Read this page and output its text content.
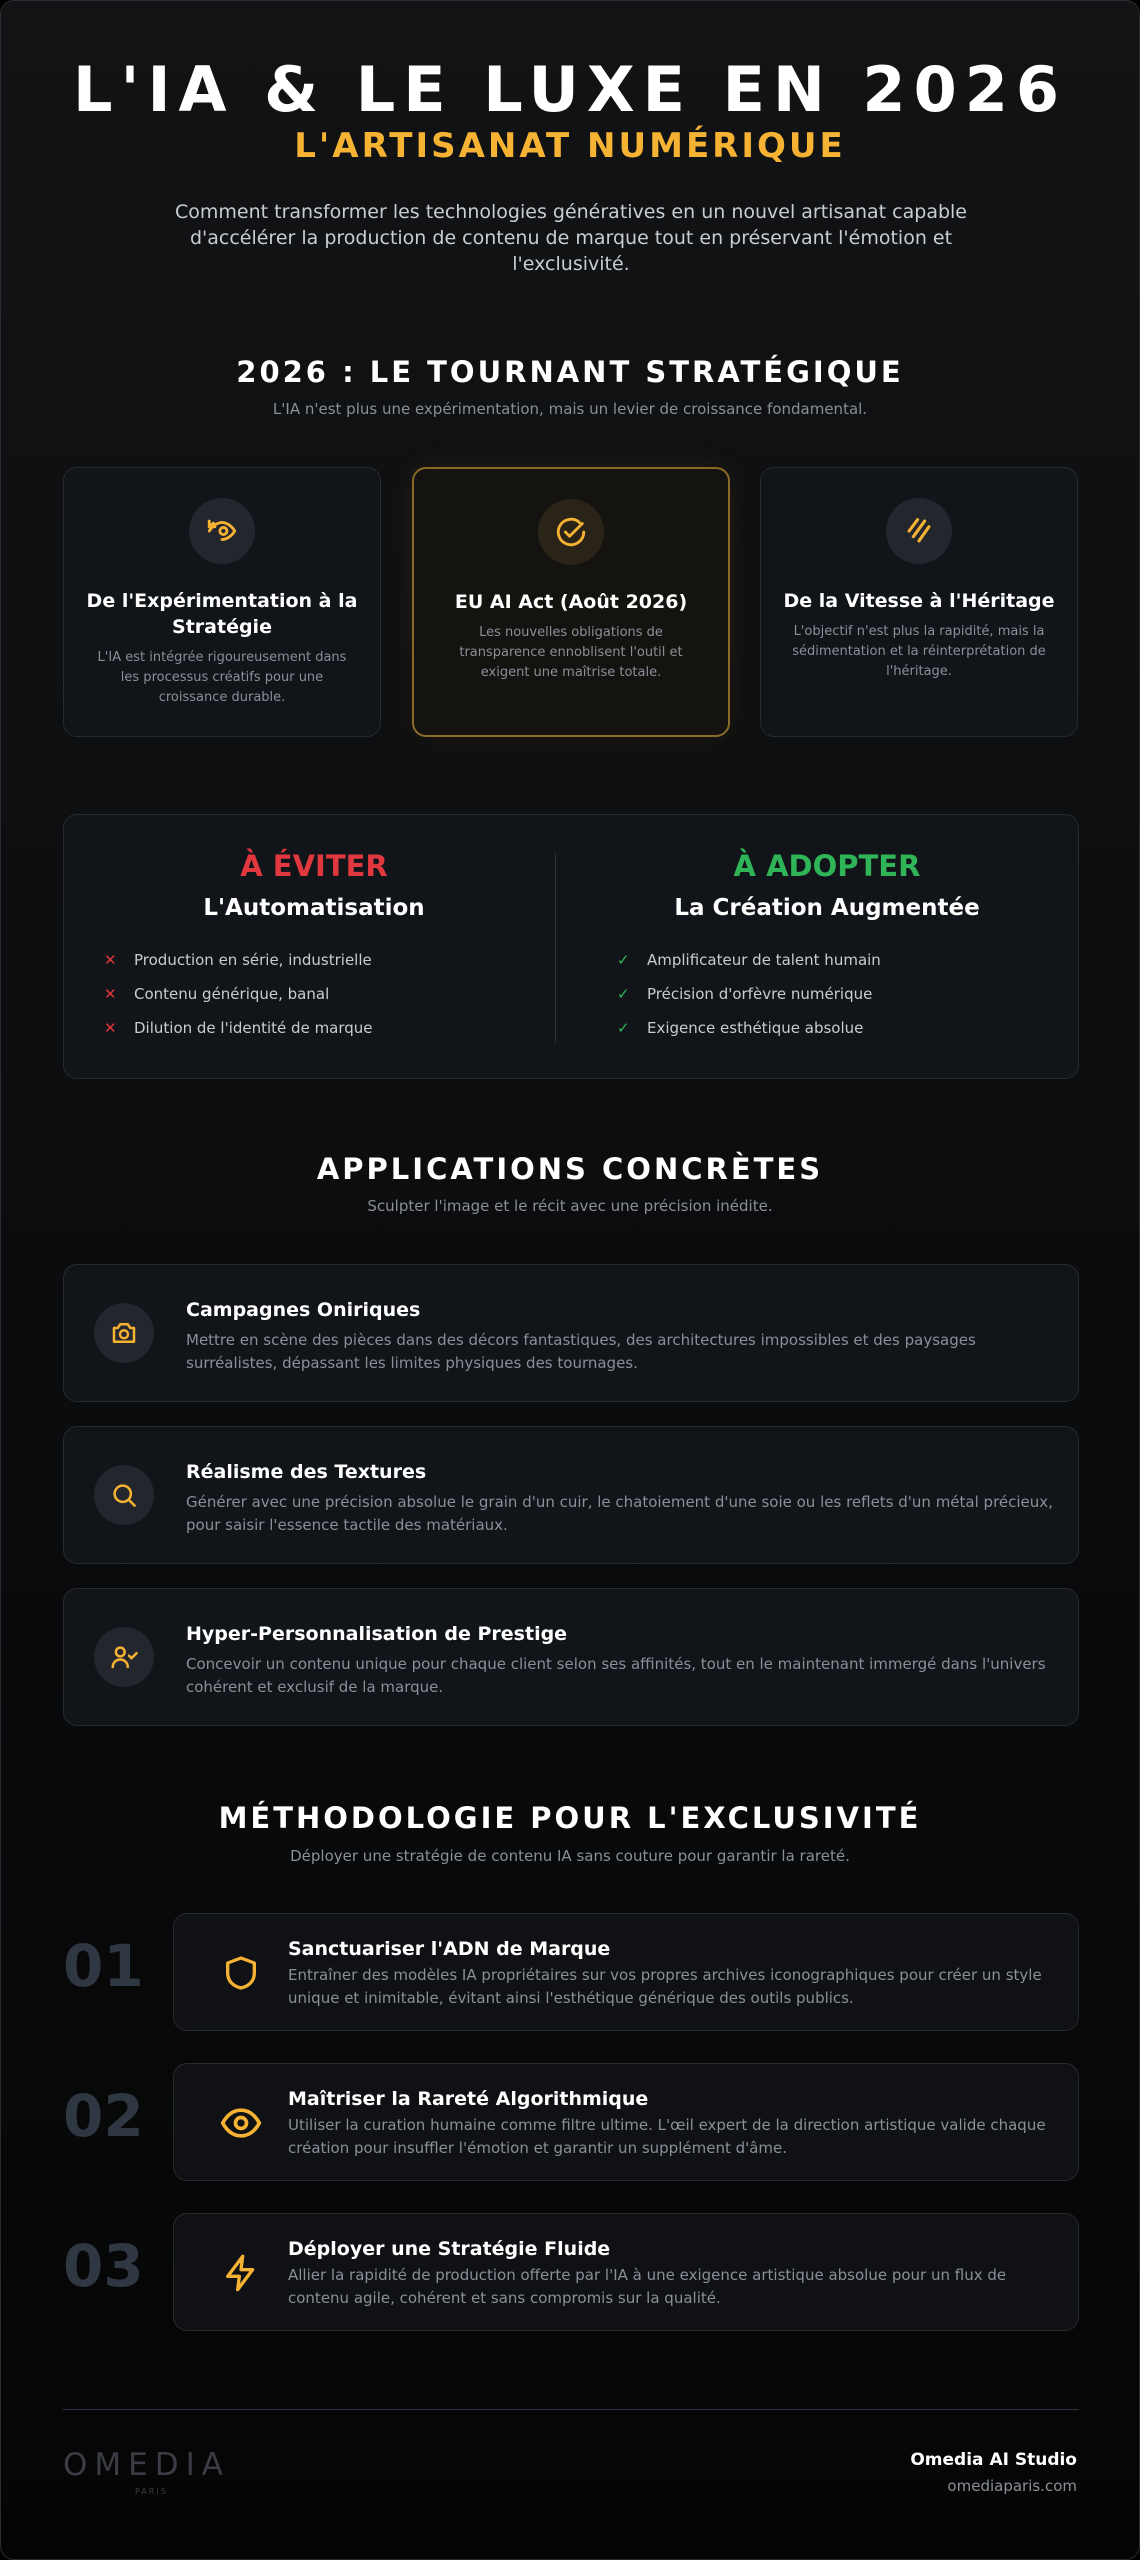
L'IA & LE LUXE EN 2026
L'ARTISANAT NUMÉRIQUE
Comment transformer les technologies génératives en un nouvel artisanat capable d'accélérer la production de contenu de marque tout en préservant l'émotion et l'exclusivité.
2026 : LE TOURNANT STRATÉGIQUE
L'IA n'est plus une expérimentation, mais un levier de croissance fondamental.
De l'Expérimentation à la Stratégie
L'IA est intégrée rigoureusement dans les processus créatifs pour une croissance durable.
EU AI Act (Août 2026)
Les nouvelles obligations de transparence ennoblisent l'outil et exigent une maîtrise totale.
De la Vitesse à l'Héritage
L'objectif n'est plus la rapidité, mais la sédimentation et la réinterprétation de l'héritage.
À ÉVITER
L'Automatisation
✕	Production en série, industrielle
✕	Contenu générique, banal
✕	Dilution de l'identité de marque
À ADOPTER
La Création Augmentée
✓	Amplificateur de talent humain
✓	Précision d'orfèvre numérique
✓	Exigence esthétique absolue
APPLICATIONS CONCRÈTES
Sculpter l'image et le récit avec une précision inédite.
Campagnes Oniriques
Mettre en scène des pièces dans des décors fantastiques, des architectures impossibles et des paysages surréalistes, dépassant les limites physiques des tournages.
Réalisme des Textures
Générer avec une précision absolue le grain d'un cuir, le chatoiement d'une soie ou les reflets d'un métal précieux, pour saisir l'essence tactile des matériaux.
Hyper-Personnalisation de Prestige
Concevoir un contenu unique pour chaque client selon ses affinités, tout en le maintenant immergé dans l'univers cohérent et exclusif de la marque.
MÉTHODOLOGIE POUR L'EXCLUSIVITÉ
Déployer une stratégie de contenu IA sans couture pour garantir la rareté.
01	Sanctuariser l'ADN de Marque
Entraîner des modèles IA propriétaires sur vos propres archives iconographiques pour créer un style unique et inimitable, évitant ainsi l'esthétique générique des outils publics.
02	Maîtriser la Rareté Algorithmique
Utiliser la curation humaine comme filtre ultime. L'œil expert de la direction artistique valide chaque création pour insuffler l'émotion et garantir un supplément d'âme.
03	Déployer une Stratégie Fluide
Allier la rapidité de production offerte par l'IA à une exigence artistique absolue pour un flux de contenu agile, cohérent et sans compromis sur la qualité.
OMEDIA
PARIS
Omedia AI Studio
omediaparis.com
